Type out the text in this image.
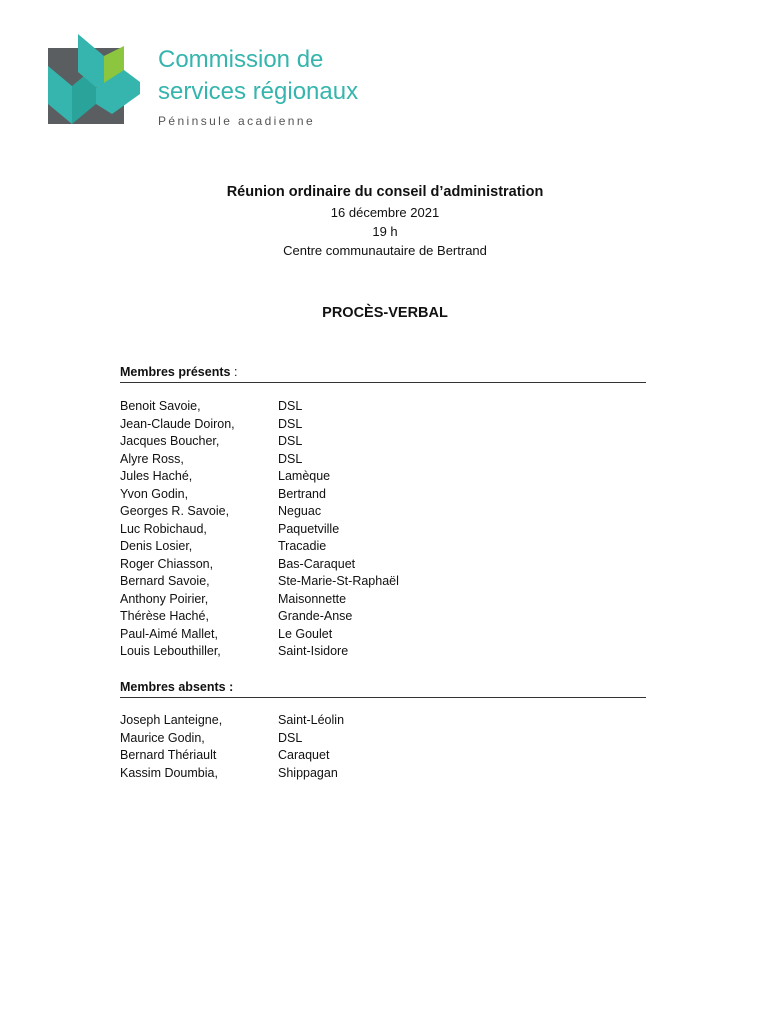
Commission de
services régionaux
Péninsule acadienne
Réunion ordinaire du conseil d’administration
16 décembre 2021
19 h
Centre communautaire de Bertrand
PROCÈS-VERBAL
Membres présents :
Benoit Savoie,	DSL
Jean-Claude Doiron,	DSL
Jacques Boucher,	DSL
Alyre Ross,	DSL
Jules Haché,	Lamèque
Yvon Godin,	Bertrand
Georges R. Savoie,	Neguac
Luc Robichaud,	Paquetville
Denis Losier,	Tracadie
Roger Chiasson,	Bas-Caraquet
Bernard Savoie,	Ste-Marie-St-Raphaël
Anthony Poirier,	Maisonnette
Thérèse Haché,	Grande-Anse
Paul-Aimé Mallet,	Le Goulet
Louis Lebouthiller,	Saint-Isidore
Membres absents :
Joseph Lanteigne,	Saint-Léolin
Maurice Godin,	DSL
Bernard Thériault	Caraquet
Kassim Doumbia,	Shippagan
